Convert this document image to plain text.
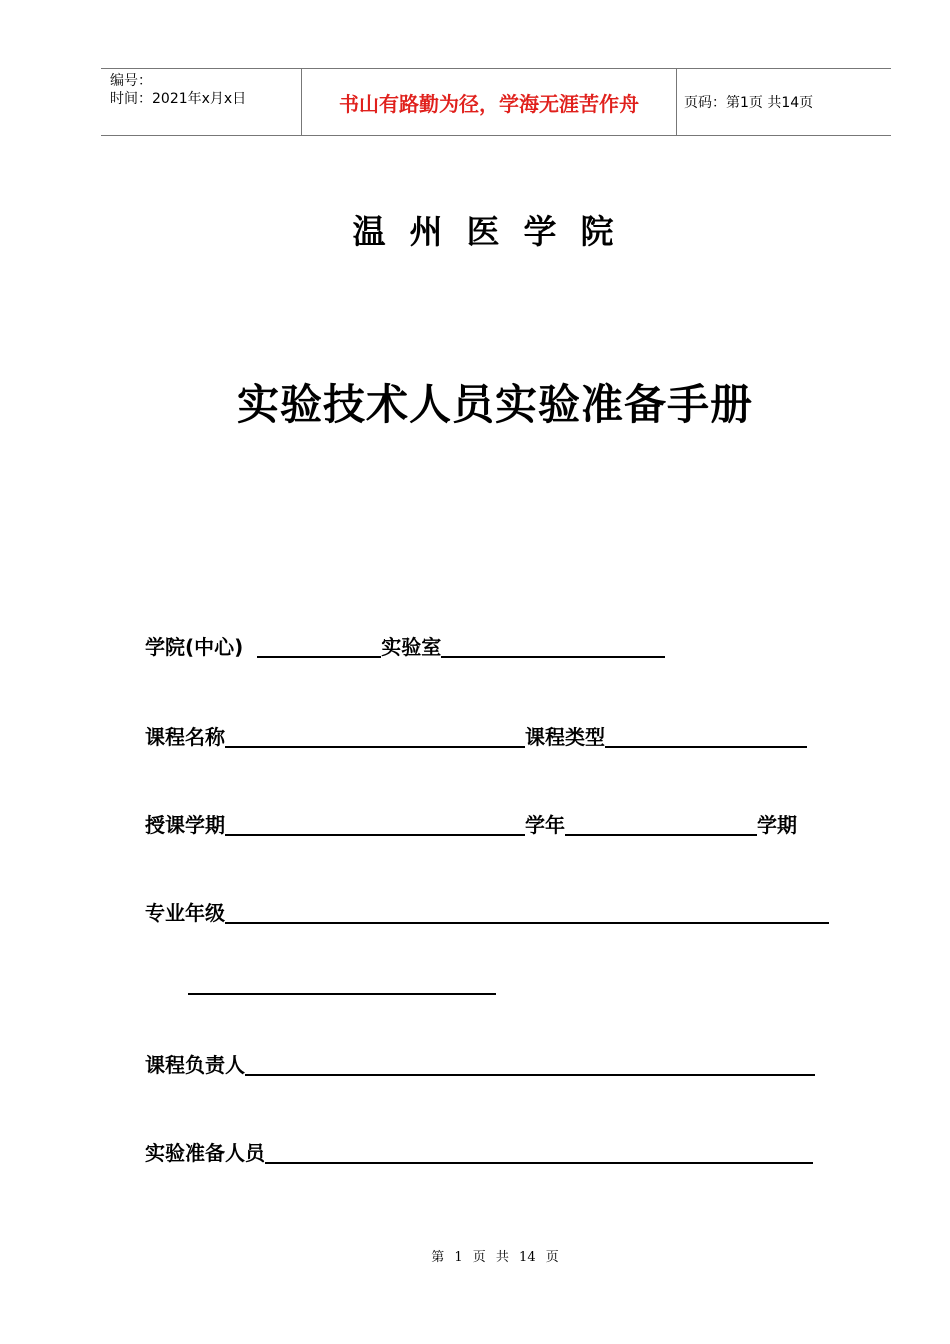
编号：
时间：2021年x月x日	书山有路勤为径，学海无涯苦作舟	页码：第1页 共14页
温州医学院
实验技术人员实验准备手册
学院(中心)	实验室
课程名称	课程类型
授课学期	学年	学期
专业年级
课程负责人
实验准备人员
第 1 页 共 14 页
